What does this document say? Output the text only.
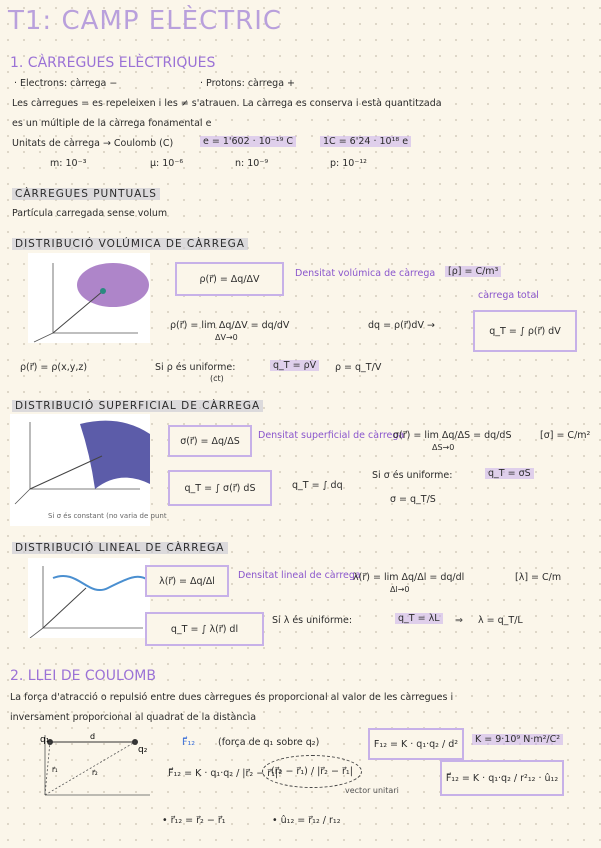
T1: CAMP ELÈCTRIC
1. CÀRREGUES ELÈCTRIQUES
· Electrons: càrrega −	· Protons: càrrega +
Les càrregues = es repeleixen i les ≠ s'atrauen. La càrrega es conserva i està quantitzada
es un múltiple de la càrrega fonamental e
Unitats de càrrega → Coulomb (C)	e = 1'602 · 10⁻¹⁹ C	1C = 6'24 · 10¹⁸ e
m: 10⁻³	μ: 10⁻⁶	n: 10⁻⁹	p: 10⁻¹²
CÀRREGUES PUNTUALS
Partícula carregada sense volum
DISTRIBUCIÓ VOLÚMICA DE CÀRREGA
ρ(r⃗) = Δq/ΔV	Densitat volúmica de càrrega	[ρ] = C/m³
càrrega total
ρ(r⃗) = lim Δq/ΔV = dq/dV
ΔV→0
dq = ρ(r⃗)dV →	q_T = ∫ ρ(r⃗) dV
ρ(r⃗) = ρ(x,y,z)	Si ρ és uniforme:
(ct)
q_T = ρV	ρ = q_T/V
DISTRIBUCIÓ SUPERFICIAL DE CÀRREGA
Si σ és constant (no varia de punt
σ(r⃗) = Δq/ΔS Densitat superficial de càrrega
σ(r⃗) = lim Δq/ΔS = dq/dS
ΔS→0
[σ] = C/m²
q_T = ∫ σ(r⃗) dS	q_T = ∫ dq
Si σ és uniforme:	q_T = σS
σ = q_T/S
DISTRIBUCIÓ LINEAL DE CÀRREGA
λ(r⃗) = Δq/Δl Densitat lineal de càrrega
λ(r⃗) = lim Δq/Δl = dq/dl
Δl→0
[λ] = C/m
q_T = ∫ λ(r⃗) dl
Si λ és uniforme:	q_T = λL	⇒ λ = q_T/L
2. LLEI DE COULOMB
La força d'atracció o repulsió entre dues càrregues és proporcional al valor de les càrregues i
inversament proporcional al quadrat de la distància
q₁
q₂
d
r⃗₁	r⃗₂
F⃗₁₂ (força de q₁ sobre q₂)	F₁₂ = K · q₁·q₂ / d²	K = 9·10⁹ N·m²/C²
F⃗₁₂ = K · q₁·q₂ / |r⃗₂ − r⃗₁|²
(r⃗₂ − r⃗₁) / |r⃗₂ − r⃗₁|
vector unitari
F⃗₁₂ = K · q₁·q₂ / r²₁₂ · û₁₂
• r⃗₁₂ = r⃗₂ − r⃗₁	• û₁₂ = r⃗₁₂ / r₁₂
